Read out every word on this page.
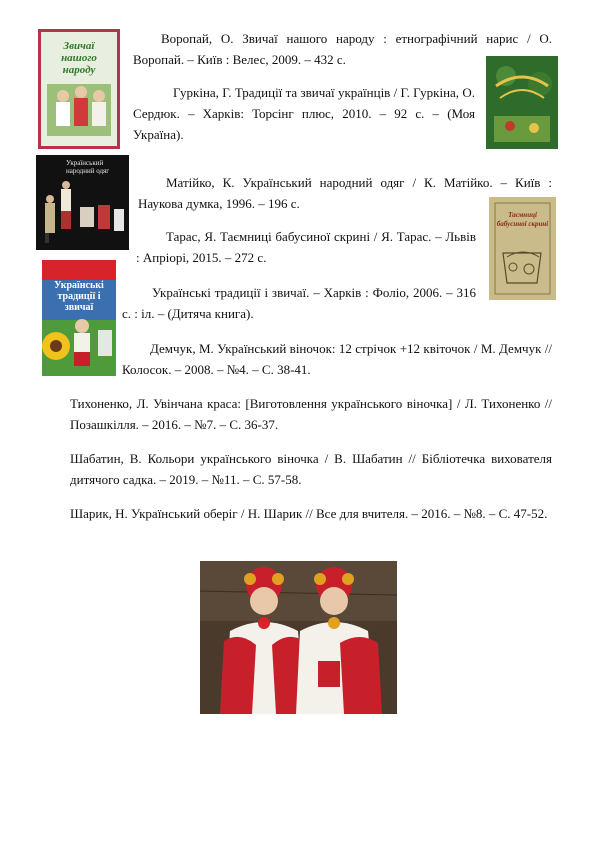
Воропай, О. Звичаї нашого народу : етнографічний нарис / О. Воропай. – Київ : Велес, 2009. – 432 с.

Гуркіна, Г. Традиції та звичаї українців / Г. Гуркіна, О. Сердюк. – Харків: Торсінг плюс, 2010. – 92 с. – (Моя Україна).

Матійко, К. Український народний одяг / К. Матійко. – Київ : Наукова думка, 1996. – 196 с.

Тарас, Я. Таємниці бабусиної скрині / Я. Тарас. – Львів : Апріорі, 2015. – 272 с.

Українські традиції і звичаї. – Харків : Фоліо, 2006. – 316 с. : іл. – (Дитяча книга).

Демчук, М. Український віночок: 12 стрічок +12 квіточок / М. Демчук // Колосок. – 2008. – №4. – С. 38-41.

Тихоненко, Л. Увінчана краса: [Виготовлення українського віночка] / Л. Тихоненко // Позашкілля. – 2016. – №7. – С. 36-37.

Шабатин, В. Кольори українського віночка / В. Шабатин // Бібліотечка вихователя дитячого садка. – 2019. – №11. – С. 57-58.

Шарик, Н. Український оберіг / Н. Шарик // Все для вчителя. – 2016. – №8. – С. 47-52.

Звичаї нашого народу
Український народний одяг
Таємниці бабусиної скрині
Українські традиції і звичаї
